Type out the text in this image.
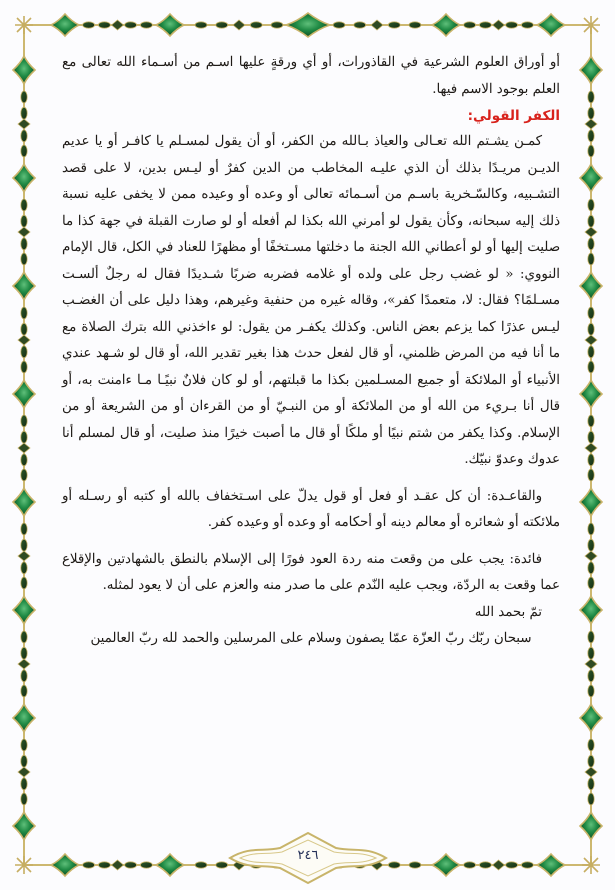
أو أوراق العلوم الشرعية في القاذورات، أو أي ورقةٍ عليها اسـم من أسـماء الله تعالى مع العلم بوجود الاسم فيها.

الكفر القولي:

كمـن يشـتم الله تعـالى والعياذ بـالله من الكفر، أو أن يقول لمسـلم يا كافـر أو يا عديم الديـن مريـدًا بذلك أن الذي عليـه المخاطب من الدين كفرٌ أو ليـس بدين، لا على قصد التشـبيه، وكالسّـخرية باسـم من أسـمائه تعالى أو وعده أو وعيده ممن لا يخفى عليه نسبة ذلك إليه سبحانه، وكأن يقول لو أمرني الله بكذا لم أفعله أو لو صارت القبلة في جهة كذا ما صليت إليها أو لو أعطاني الله الجنة ما دخلتها مسـتخفًا أو مظهرًا للعناد في الكل، قال الإمام النووي: « لو غضب رجل على ولده أو غلامه فضربه ضربًا شـديدًا فقال له رجلٌ ألسـت مسـلمًا؟ فقال: لا، متعمدًا كفر»، وقاله غيره من حنفية وغيرهم، وهذا دليل على أن الغضـب ليـس عذرًا كما يزعم بعض الناس. وكذلك يكفـر من يقول: لو ءاخذني الله بترك الصلاة مع ما أنا فيه من المرض ظلمني، أو قال لفعل حدث هذا بغير تقدير الله، أو قال لو شـهد عندي الأنبياء أو الملائكة أو جميع المسـلمين بكذا ما قبلتهم، أو لو كان فلانٌ نبيًـا مـا ءامنت به، أو قال أنا بـريء من الله أو من الملائكة أو من النبـيّ أو من القرءان أو من الشريعة أو من الإسلام. وكذا يكفر من شتم نبيًا أو ملكًا أو قال ما أصبت خيرًا منذ صليت، أو قال لمسلم أنا عدوك وعدوّ نبيّك.

والقاعـدة: أن كل عقـد أو فعل أو قول يدلّ على اسـتخفاف بالله أو كتبه أو رسـله أو ملائكته أو شعائره أو معالم دينه أو أحكامه أو وعده أو وعيده كفر.

فائدة: يجب على من وقعت منه ردة العود فورًا إلى الإسلام بالنطق بالشهادتين والإقلاع عما وقعت به الردّة، ويجب عليه النّدم على ما صدر منه والعزم على أن لا يعود لمثله.

تمّ بحمد الله

سبحان ربّك ربّ العزّة عمّا يصفون وسلام على المرسلين والحمد لله ربّ العالمين

٢٤٦
